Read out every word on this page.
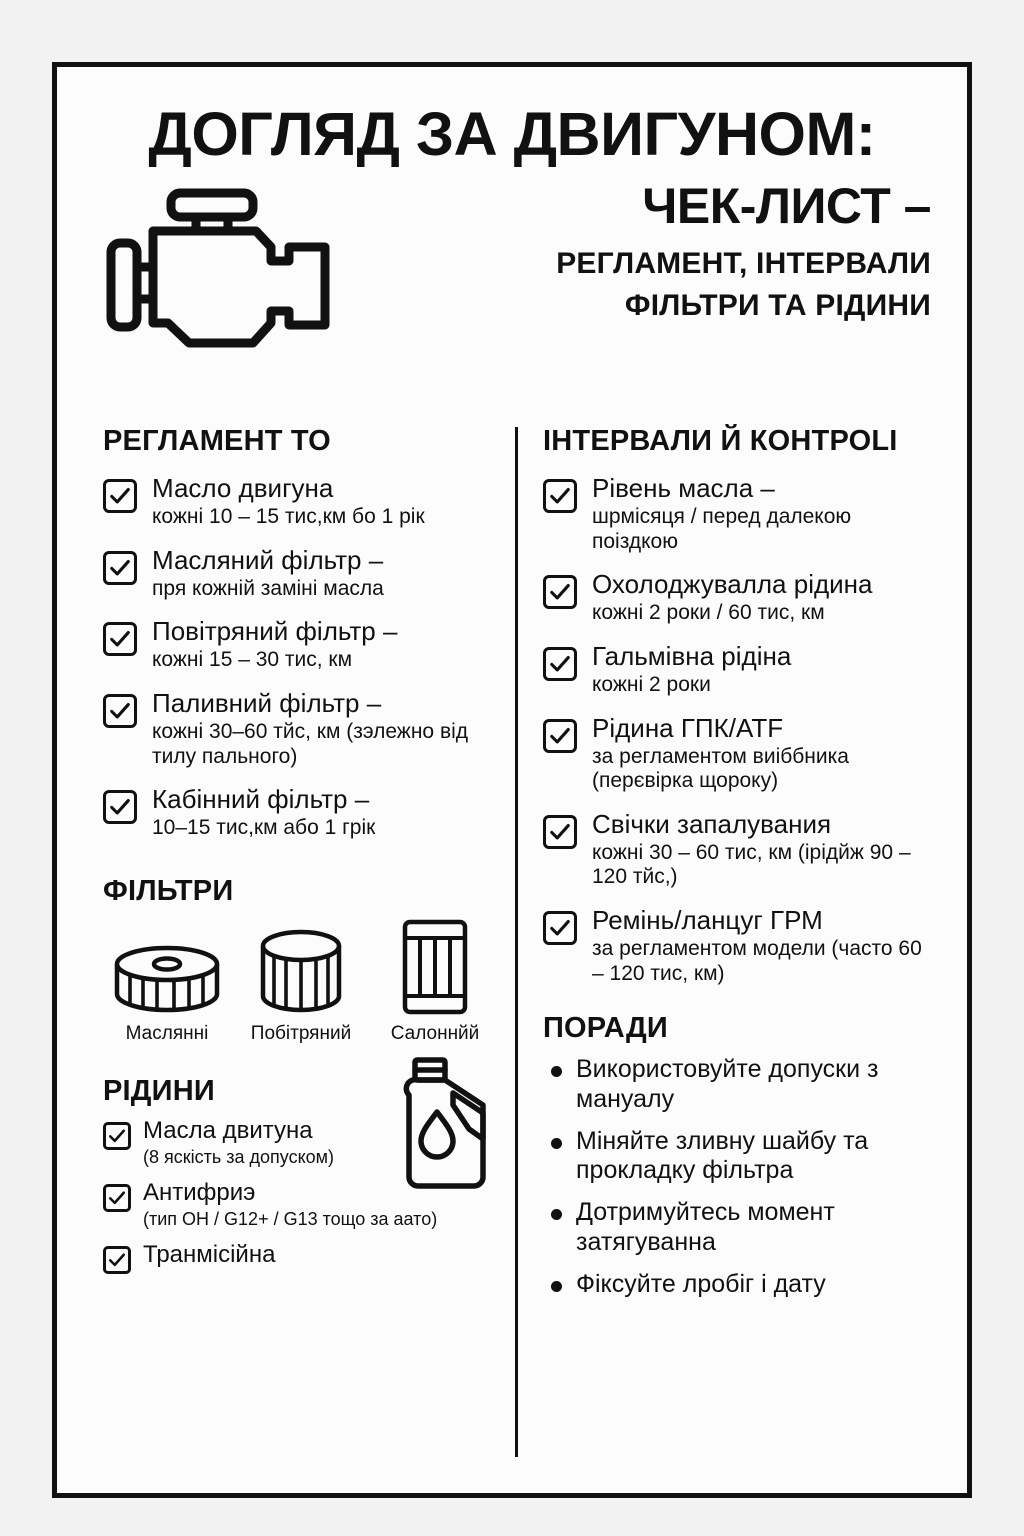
ДОГЛЯД ЗА ДВИГУНОМ:
ЧЕК-ЛИСТ –
РЕГЛАМЕНТ, ІНТЕРВАЛИ
ФІЛЬТРИ ТА РІДИНИ
РЕГЛАМЕНТ ТО

Масло двигуна

кожні 10 – 15 тис,км бо 1 рік

Масляний фільтр –

пря кожній заміні масла

Повітряний фільтр –

кожні 15 – 30 тис, км

Паливний фільтр –

кожні 30–60 тйс, км (зэлежно від тилу пального)

Кабінний фільтр –

10–15 тис,км або 1 грік

ФІЛЬТРИ
Маслянні	Побітряний	Салоннйй
РІДИНИ

Масла двитуна

(8 яскість за допуском)

Антифриэ

(тип ОН / G12+ / G13 тощо за аато)

Транмісійна

ІНТЕРВАЛИ Й КОНТРОLІ

Рівень масла –

шрмісяця / перед далекою поіздкою

Охолоджувалла рідина

кожні 2 роки / 60 тис, км

Гальмівна рідіна

кожні 2 роки

Рідина ГПК/ATF

за регламентом виіббника (перєвірка щороку)

Свічки запалувания

кожні 30 – 60 тис, км (ірідйж 90 – 120 тйс,)

Ремінь/ланцуг ГРМ

за регламентом модели (часто 60 – 120 тис, км)

ПОРАДИ
Використовуйте допуски з мануалу
Міняйте зливну шайбу та прокладку фільтра
Дотримуйтесь момент затягуванна
Фіксуйте лробіг і дату
